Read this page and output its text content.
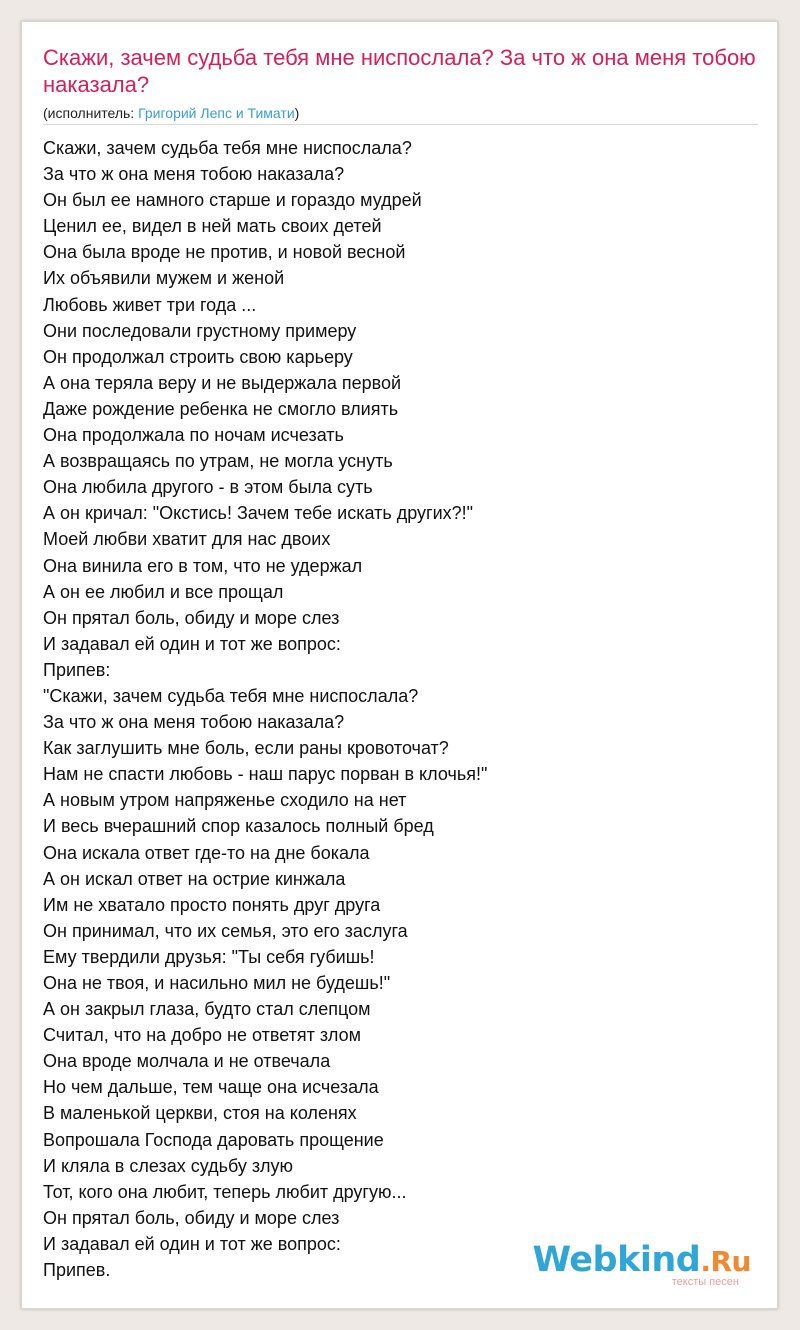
Скажи, зачем судьба тебя мне ниспослала? За что ж она меня тобою наказала?
(исполнитель: Григорий Лепс и Тимати)
Скажи, зачем судьба тебя мне ниспослала?
За что ж она меня тобою наказала?
Он был ее намного старше и гораздо мудрей
Ценил ее, видел в ней мать своих детей
Она была вроде не против, и новой весной
Их объявили мужем и женой
Любовь живет три года ...
Они последовали грустному примеру
Он продолжал строить свою карьеру
А она теряла веру и не выдержала первой
Даже рождение ребенка не смогло влиять
Она продолжала по ночам исчезать
А возвращаясь по утрам, не могла уснуть
Она любила другого - в этом была суть
А он кричал: "Окстись! Зачем тебе искать других?!"
Моей любви хватит для нас двоих
Она винила его в том, что не удержал
А он ее любил и все прощал
Он прятал боль, обиду и море слез
И задавал ей один и тот же вопрос:
Припев:
"Скажи, зачем судьба тебя мне ниспослала?
За что ж она меня тобою наказала?
Как заглушить мне боль, если раны кровоточат?
Нам не спасти любовь - наш парус порван в клочья!"
А новым утром напряженье сходило на нет
И весь вчерашний спор казалось полный бред
Она искала ответ где-то на дне бокала
А он искал ответ на острие кинжала
Им не хватало просто понять друг друга
Он принимал, что их семья, это его заслуга
Ему твердили друзья: "Ты себя губишь!
Она не твоя, и насильно мил не будешь!"
А он закрыл глаза, будто стал слепцом
Считал, что на добро не ответят злом
Она вроде молчала и не отвечала
Но чем дальше, тем чаще она исчезала
В маленькой церкви, стоя на коленях
Вопрошала Господа даровать прощение
И кляла в слезах судьбу злую
Тот, кого она любит, теперь любит другую...
Он прятал боль, обиду и море слез
И задавал ей один и тот же вопрос:
Припев.	Webkind.Ru
тексты песен
